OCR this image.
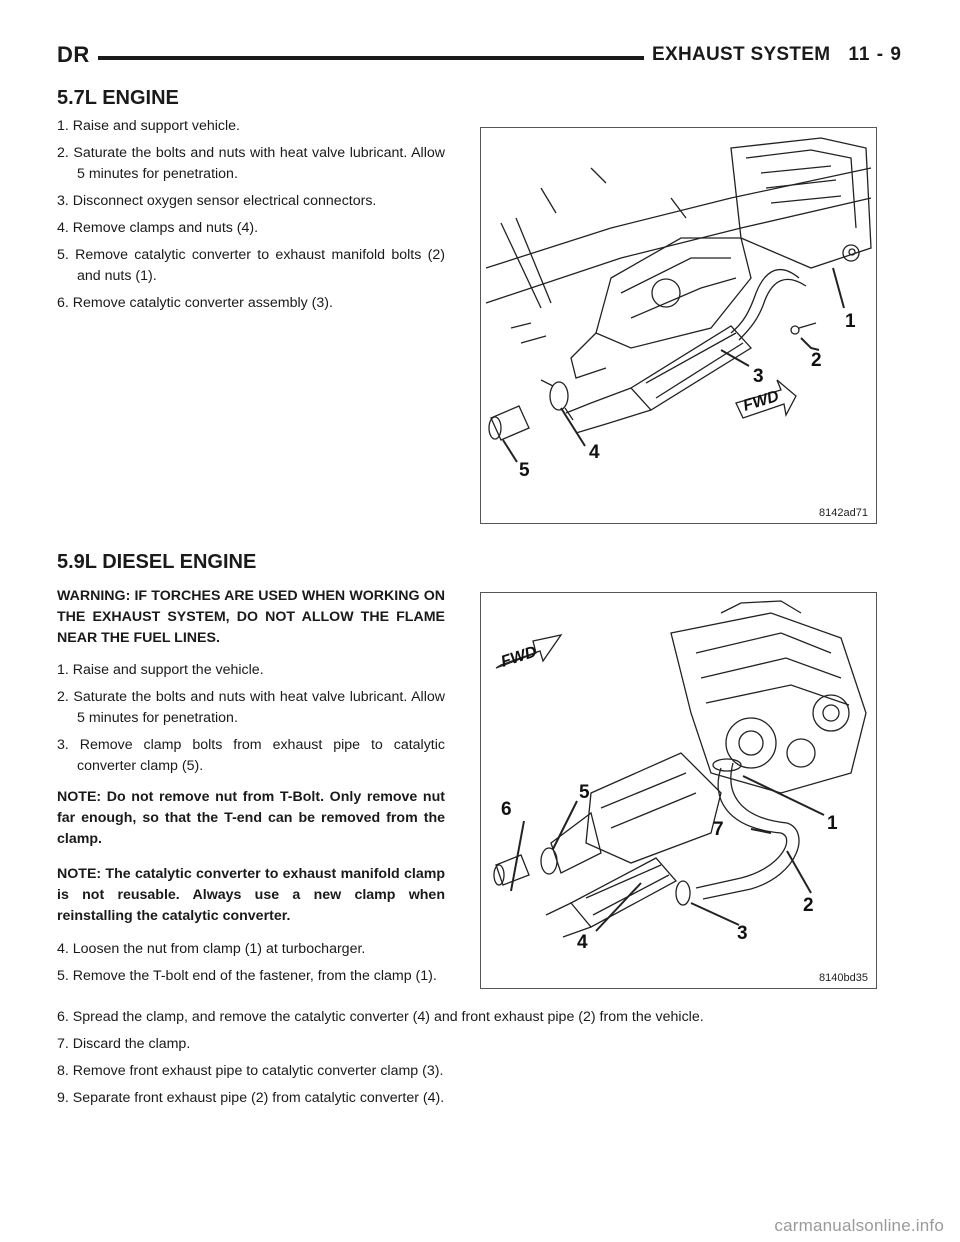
DR	EXHAUST SYSTEM 11 - 9
5.7L ENGINE

1. Raise and support vehicle.

2. Saturate the bolts and nuts with heat valve lubricant. Allow 5 minutes for penetration.

3. Disconnect oxygen sensor electrical connectors.

4. Remove clamps and nuts (4).

5. Remove catalytic converter to exhaust manifold bolts (2) and nuts (1).

6. Remove catalytic converter assembly (3).

FWD
1
2
3
4
5
8142ad71
5.9L DIESEL ENGINE

WARNING: IF TORCHES ARE USED WHEN WORKING ON THE EXHAUST SYSTEM, DO NOT ALLOW THE FLAME NEAR THE FUEL LINES.

1. Raise and support the vehicle.

2. Saturate the bolts and nuts with heat valve lubricant. Allow 5 minutes for penetration.

3. Remove clamp bolts from exhaust pipe to catalytic converter clamp (5).

NOTE: Do not remove nut from T-Bolt. Only remove nut far enough, so that the T-end can be removed from the clamp.

NOTE: The catalytic converter to exhaust manifold clamp is not reusable. Always use a new clamp when reinstalling the catalytic converter.

4. Loosen the nut from clamp (1) at turbocharger.

5. Remove the T-bolt end of the fastener, from the clamp (1).

6. Spread the clamp, and remove the catalytic converter (4) and front exhaust pipe (2) from the vehicle.

7. Discard the clamp.

8. Remove front exhaust pipe to catalytic converter clamp (3).

9. Separate front exhaust pipe (2) from catalytic converter (4).

FWD
1
2
3
4
5
6
7
8140bd35
carmanualsonline.info
